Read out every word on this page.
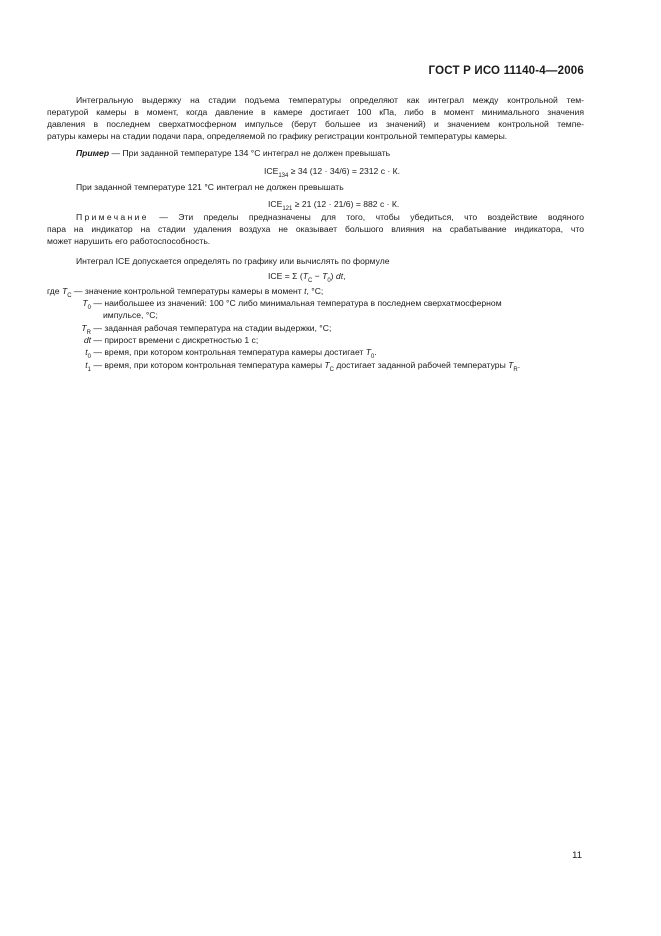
ГОСТ Р ИСО 11140-4—2006
Интегральную выдержку на стадии подъема температуры определяют как интеграл между контрольной тем-
пературой камеры в момент, когда давление в камере достигает 100 кПа, либо в момент минимального значения
давления в последнем сверхатмосферном импульсе (берут большее из значений) и значением контрольной темпе-
ратуры камеры на стадии подачи пара, определяемой по графику регистрации контрольной температуры камеры.
Пример — При заданной температуре 134 °С интеграл не должен превышать
$ICE_{134} \ge 34$ (12 · 34/6) = 2312 с · К.
При заданной температуре 121 °С интеграл не должен превышать
$ICE_{121} \ge 21$ (12 · 21/6) = 882 с · К.
Примечание — Эти пределы предназначены для того, чтобы убедиться, что воздействие водяного
пара на индикатор на стадии удаления воздуха не оказывает большого влияния на срабатывание индикатора, что
может нарушить его работоспособность.
Интеграл ICE допускается определять по графику или вычислять по формуле
ICE = Σ $(T_C - T_0)$ dt,
где $T_C$ — значение контрольной температуры камеры в момент t, °С;
$T_0$ — наибольшее из значений: 100 °С либо минимальная температура в последнем сверхатмосферном
импульсе, °С;
$T_R$ — заданная рабочая температура на стадии выдержки, °С;
dt — прирост времени с дискретностью 1 с;
$t_0$ — время, при котором контрольная температура камеры достигает $T_0$.
$t_1$ — время, при котором контрольная температура камеры $T_C$ достигает заданной рабочей температуры $T_R$.
11
